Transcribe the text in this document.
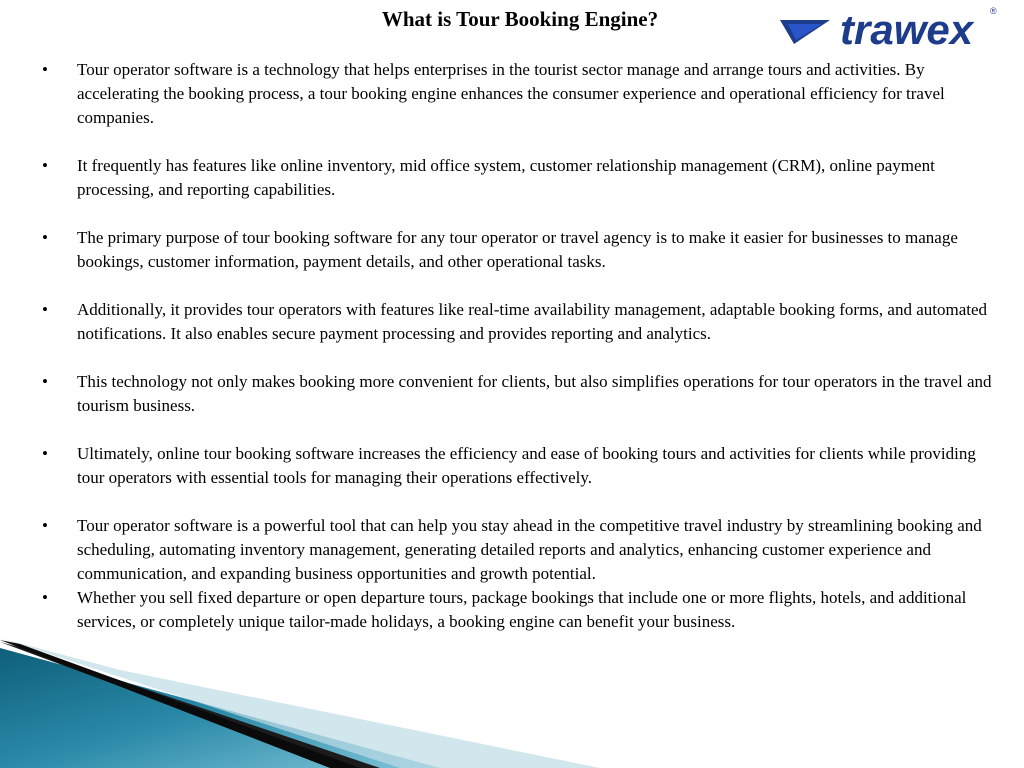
What is Tour Booking Engine?	trawex ®
• Tour operator software is a technology that helps enterprises in the tourist sector manage and arrange tours and activities. By accelerating the booking process, a tour booking engine enhances the consumer experience and operational efficiency for travel companies.
• It frequently has features like online inventory, mid office system, customer relationship management (CRM), online payment processing, and reporting capabilities.
• The primary purpose of tour booking software for any tour operator or travel agency is to make it easier for businesses to manage bookings, customer information, payment details, and other operational tasks.
• Additionally, it provides tour operators with features like real-time availability management, adaptable booking forms, and automated notifications. It also enables secure payment processing and provides reporting and analytics.
• This technology not only makes booking more convenient for clients, but also simplifies operations for tour operators in the travel and tourism business.
• Ultimately, online tour booking software increases the efficiency and ease of booking tours and activities for clients while providing tour operators with essential tools for managing their operations effectively.
• Tour operator software is a powerful tool that can help you stay ahead in the competitive travel industry by streamlining booking and scheduling, automating inventory management, generating detailed reports and analytics, enhancing customer experience and communication, and expanding business opportunities and growth potential.
• Whether you sell fixed departure or open departure tours, package bookings that include one or more flights, hotels, and additional services, or completely unique tailor-made holidays, a booking engine can benefit your business.
